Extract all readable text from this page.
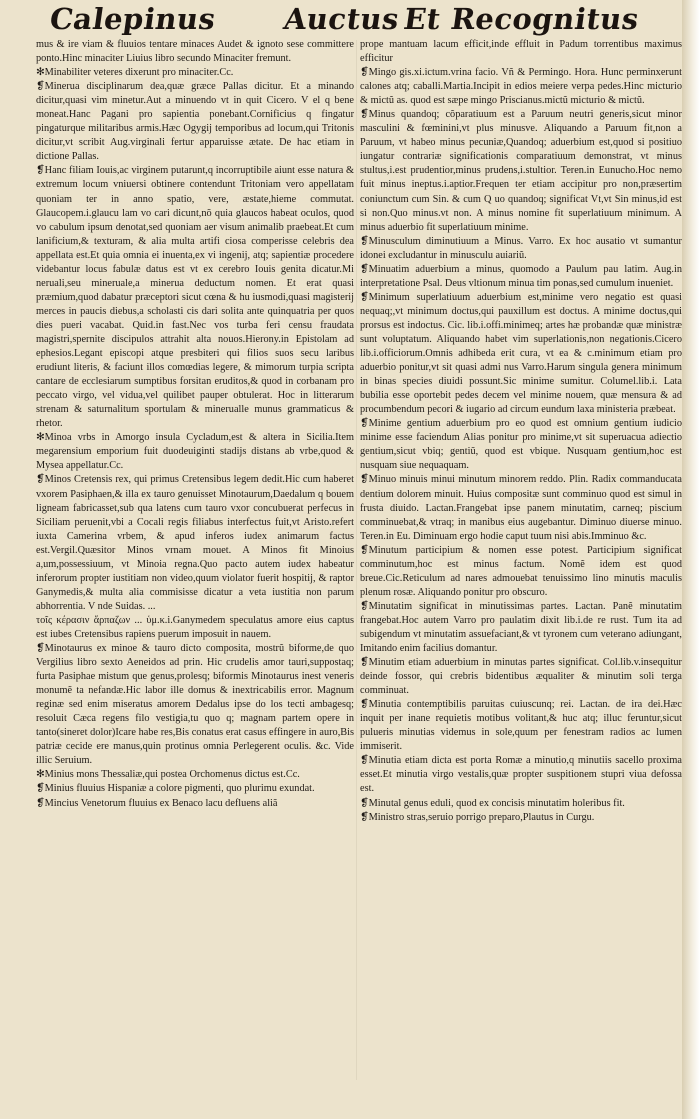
Calepinus Auctus Et Recognitus

mus & ire viam & fluuios tentare minaces Audet & ignoto sese committere ponto.Hinc minaciter Liuius libro secundo Minaciter fremunt.

✻Minabiliter veteres dixerunt pro minaciter.Cc.

❡Minerua disciplinarum dea,quæ græce Pallas dicitur. Et a minando dicitur,quasi vim minetur.Aut a minuendo vt in quit Cicero. V el q bene moneat.Hanc Pagani pro sapientia ponebant.Cornificius q fingatur pingaturque militaribus armis.Hæc Ogygij temporibus ad locum,qui Tritonis dicitur,vt scribit Aug.virginali fertur apparuisse ætate. De hac etiam in dictione Pallas.

❡Hanc filiam Iouis,ac virginem putarunt,q incorruptibile aiunt esse natura & extremum locum vniuersi obtinere contendunt Tritoniam vero appellatam quoniam ter in anno spatio, vere, æstate,hieme commutat. Glaucopem.i.glaucu lam vo cari dicunt,nõ quia glaucos habeat oculos, quod vo cabulum ipsum denotat,sed quoniam aer visum animalib praebeat.Et cum lanificium,& texturam, & alia multa artifi ciosa comperisse celebris dea appellata est.Et quia omnia ei inuenta,ex vi ingenij, atq; sapientiæ procedere videbantur locus fabulæ datus est vt ex cerebro Iouis genita dicatur.Mi neruali,seu mineruale,a minerua deductum nomen. Et erat quasi præmium,quod dabatur præceptori sicut cœna & hu iusmodi,quasi magisterij merces in paucis diebus,a scholasti cis dari solita ante quinquatria per quos dies pueri vacabat. Quid.in fast.Nec vos turba feri censu fraudata magistri,spernite discipulos attrahit alta nouos.Hierony.in Epistolam ad ephesios.Legant episcopi atque presbiteri qui filios suos secu laribus erudiunt literis, & faciunt illos comœdias legere, & mimorum turpia scripta cantare de ecclesiarum sumptibus forsitan eruditos,& quod in corbanam pro peccato virgo, vel vidua,vel quilibet pauper obtulerat. Hoc in litterarum strenam & saturnalitum sportulam & minerualle munus grammaticus & rhetor.

✻Minoa vrbs in Amorgo insula Cycladum,est & altera in Sicilia.Item megarensium emporium fuit duodeuiginti stadijs distans ab vrbe,quod & Mysea appellatur.Cc.

❡Minos Cretensis rex, qui primus Cretensibus legem dedit.Hic cum haberet vxorem Pasiphaen,& illa ex tauro genuisset Minotaurum,Daedalum q bouem ligneam fabricasset,sub qua latens cum tauro vxor concubuerat perfecus in Siciliam peruenit,vbi a Cocali regis filiabus interfectus fuit,vt Aristo.refert iuxta Camerina vrbem, & apud inferos iudex animarum factus est.Vergil.Quæsitor Minos vrnam mouet. A Minos fit Minoius a,um,possessiuum, vt Minoia regna.Quo pacto autem iudex habeatur inferorum propter iustitiam non video,quum violator fuerit hospitij, & raptor Ganymedis,& multa alia commisisse dicatur a veta iustitia non parum abhorrentia. V nde Suidas. ...

τοῖς κέρασιν ἅρπαζων ... ὑμ.κ.i.Ganymedem speculatus amore eius captus est iubes Cretensibus rapiens puerum imposuit in nauem.

❡Minotaurus ex minoe & tauro dicto composita, mostrũ biforme,de quo Vergilius libro sexto Aeneidos ad prin. Hic crudelis amor tauri,suppostaq; furta Pasiphae mistum que genus,prolesq; biformis Minotaurus inest veneris monumẽ ta nefandæ.Hic labor ille domus & inextricabilis error. Magnum reginæ sed enim miseratus amorem Dedalus ipse do los tecti ambagesq; resoluit Cæca regens filo vestigia,tu quo q; magnam partem opere in tanto(sineret dolor)Icare habe res,Bis conatus erat casus effingere in auro,Bis patriæ cecide ere manus,quin protinus omnia Perlegerent oculis. &c. Vide illic Seruium.

✻Minius mons Thessaliæ,qui postea Orchomenus dictus est.Cc.

❡Minius fluuius Hispaniæ a colore pigmenti, quo plurimu exundat.

❡Mincius Venetorum fluuius ex Benaco lacu defluens aliã

prope mantuam lacum efficit,inde effluit in Padum torrentibus maximus efficitur

❡Mingo gis.xi.ictum.vrina facio. Vñ & Permingo. Hora. Hunc perminxerunt calones atq; caballi.Martia.Incipit in edios meiere verpa pedes.Hinc micturio & mictũ as. quod est sæpe mingo Priscianus.mictũ micturio & mictũ.

❡Minus quandoq; cõparatiuum est a Paruum neutri generis,sicut minor masculini & fœminini,vt plus minusve. Aliquando a Paruum fit,non a Paruum, vt habeo minus pecuniæ,Quandoq; aduerbium est,quod si positiuo iungatur contrariæ significationis comparatiuum demonstrat, vt minus stultus,i.est prudentior,minus prudens,i.stultior. Teren.in Eunucho.Hoc nemo fuit minus ineptus.i.aptior.Frequen ter etiam accipitur pro non,præsertim coniunctum cum Sin. & cum Q uo quandoq; significat Vt,vt Sin minus,id est si non.Quo minus.vt non. A minus nomine fit superlatiuum minimum. A minus aduerbio fit superlatiuum minime.

❡Minusculum diminutiuum a Minus. Varro. Ex hoc ausatio vt sumantur idonei excludantur in minusculu auiariũ.

❡Minuatim aduerbium a minus, quomodo a Paulum pau latim. Aug.in interpretatione Psal. Deus vltionum minua tim ponas,sed cumulum inueniet.

❡Minimum superlatiuum aduerbium est,minime vero negatio est quasi nequaq;,vt minimum doctus,qui pauxillum est doctus. A minime doctus,qui prorsus est indoctus. Cic. lib.i.offi.minimeq; artes hæ probandæ quæ ministræ sunt voluptatum. Aliquando habet vim superlationis,non negationis.Cicero lib.i.officiorum.Omnis adhibeda erit cura, vt ea & c.minimum etiam pro aduerbio ponitur,vt sit quasi admi nus Varro.Harum singula genera minimum in binas species diuidi possunt.Sic minime sumitur. Columel.lib.i. Lata bubilia esse oportebit pedes decem vel minime nouem, quæ mensura & ad procumbendum pecori & iugario ad circum eundum laxa ministeria præbeat.

❡Minime gentium aduerbium pro eo quod est omnium gentium iudicio minime esse faciendum Alias ponitur pro minime,vt sit superuacua adiectio gentium,sicut vbiq; gentiũ, quod est vbique. Nusquam gentium,hoc est nusquam siue nequaquam.

❡Minuo minuis minui minutum minorem reddo. Plin. Radix commanducata dentium dolorem minuit. Huius compositæ sunt comminuo quod est simul in frusta diuido. Lactan.Frangebat ipse panem minutatim, carneq; piscium comminuebat,& vtraq; in manibus eius augebantur. Diminuo diuerse minuo. Teren.in Eu. Diminuam ergo hodie caput tuum nisi abis.Imminuo &c.

❡Minutum participium & nomen esse potest. Participium significat comminutum,hoc est minus factum. Nomẽ idem est quod breue.Cic.Reticulum ad nares admouebat tenuissimo lino minutis maculis plenum rosæ. Aliquando ponitur pro obscuro.

❡Minutatim significat in minutissimas partes. Lactan. Panẽ minutatim frangebat.Hoc autem Varro pro paulatim dixit lib.i.de re rust. Tum ita ad subigendum vt minutatim assuefaciant,& vt tyronem cum veterano adiungant, Imitando enim facilius domantur.

❡Minutim etiam aduerbium in minutas partes significat. Col.lib.v.insequitur deinde fossor, qui crebris bidentibus æqualiter & minutim soli terga comminuat.

❡Minutia contemptibilis paruitas cuiuscunq; rei. Lactan. de ira dei.Hæc inquit per inane requietis motibus volitant,& huc atq; illuc feruntur,sicut pulueris minutias videmus in sole,quum per fenestram radios ac lumen immiserit.

❡Minutia etiam dicta est porta Romæ a minutio,q minutiis sacello proxima esset.Et minutia virgo vestalis,quæ propter suspitionem stupri viua defossa est.

❡Minutal genus eduli, quod ex concisis minutatim holeribus fit.

❡Ministro stras,seruio porrigo preparo,Plautus in Curgu.
